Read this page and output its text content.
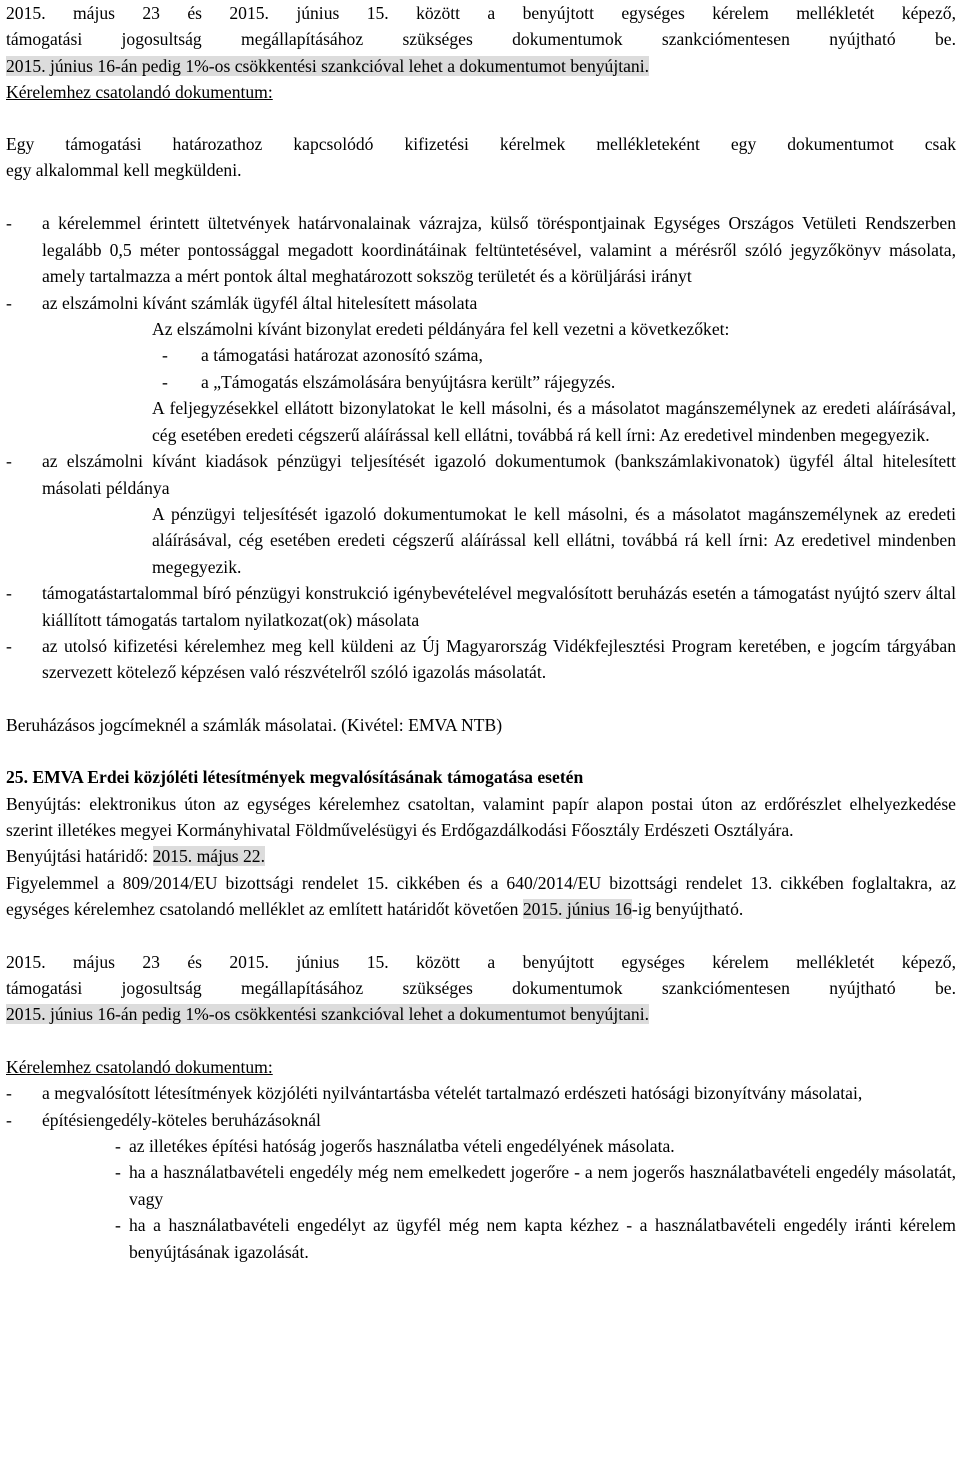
2015. május 23 és 2015. június 15. között a benyújtott egységes kérelem mellékletét képező,

támogatási jogosultság megállapításához szükséges dokumentumok szankciómentesen nyújtható be.

2015. június 16-án pedig 1%-os csökkentési szankcióval lehet a dokumentumot benyújtani.

Kérelemhez csatolandó dokumentum:

Egy támogatási határozathoz kapcsolódó kifizetési kérelmek mellékleteként egy dokumentumot csak

egy alkalommal kell megküldeni.

-	a kérelemmel érintett ültetvények határvonalainak vázrajza, külső töréspontjainak Egységes Országos Vetületi Rendszerben legalább 0,5 méter pontossággal megadott koordinátáinak feltüntetésével, valamint a mérésről szóló jegyzőkönyv másolata, amely tartalmazza a mért pontok által meghatározott sokszög területét és a körüljárási irányt
-	az elszámolni kívánt számlák ügyfél által hitelesített másolata

Az elszámolni kívánt bizonylat eredeti példányára fel kell vezetni a következőket:

-	a támogatási határozat azonosító száma,
-	a „Támogatás elszámolására benyújtásra került” rájegyzés.

A feljegyzésekkel ellátott bizonylatokat le kell másolni, és a másolatot magánszemélynek az eredeti aláírásával, cég esetében eredeti cégszerű aláírással kell ellátni, továbbá rá kell írni: Az eredetivel mindenben megegyezik.

-	az elszámolni kívánt kiadások pénzügyi teljesítését igazoló dokumentumok (bankszámlakivonatok) ügyfél által hitelesített másolati példánya

A pénzügyi teljesítését igazoló dokumentumokat le kell másolni, és a másolatot magánszemélynek az eredeti aláírásával, cég esetében eredeti cégszerű aláírással kell ellátni, továbbá rá kell írni: Az eredetivel mindenben megegyezik.

-	támogatástartalommal bíró pénzügyi konstrukció igénybevételével megvalósított beruházás esetén a támogatást nyújtó szerv által kiállított támogatás tartalom nyilatkozat(ok) másolata
-	az utolsó kifizetési kérelemhez meg kell küldeni az Új Magyarország Vidékfejlesztési Program keretében, e jogcím tárgyában szervezett kötelező képzésen való részvételről szóló igazolás másolatát.

Beruházásos jogcímeknél a számlák másolatai. (Kivétel: EMVA NTB)

25. EMVA Erdei közjóléti létesítmények megvalósításának támogatása esetén

Benyújtás: elektronikus úton az egységes kérelemhez csatoltan, valamint papír alapon postai úton az erdőrészlet elhelyezkedése szerint illetékes megyei Kormányhivatal Földművelésügyi és Erdőgazdálkodási Főosztály Erdészeti Osztályára.

Benyújtási határidő: 2015. május 22.

Figyelemmel a 809/2014/EU bizottsági rendelet 15. cikkében és a 640/2014/EU bizottsági rendelet 13. cikkében foglaltakra, az egységes kérelemhez csatolandó melléklet az említett határidőt követően 2015. június 16-ig benyújtható.

2015. május 23 és 2015. június 15. között a benyújtott egységes kérelem mellékletét képező,

támogatási jogosultság megállapításához szükséges dokumentumok szankciómentesen nyújtható be.

2015. június 16-án pedig 1%-os csökkentési szankcióval lehet a dokumentumot benyújtani.

Kérelemhez csatolandó dokumentum:

-	a megvalósított létesítmények közjóléti nyilvántartásba vételét tartalmazó erdészeti hatósági bizonyítvány másolatai,
-	építésiengedély-köteles beruházásoknál
- az illetékes építési hatóság jogerős használatba vételi engedélyének másolata.
- ha a használatbavételi engedély még nem emelkedett jogerőre - a nem jogerős használatbavételi engedély másolatát, vagy
- ha a használatbavételi engedélyt az ügyfél még nem kapta kézhez - a használatbavételi engedély iránti kérelem benyújtásának igazolását.
